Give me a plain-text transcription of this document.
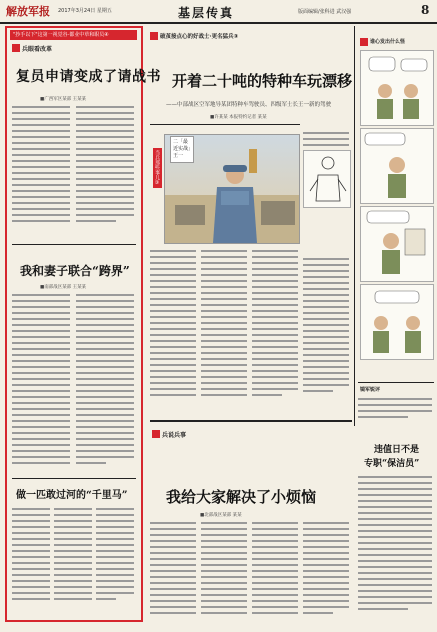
解放军报 2017年3月24日 星期五	基层传真	版面编辑/张科进 武汉强	8
"抄手以下"这第一视觉谷·都业中草和职员④
兵眼看改革
复员申请变成了请战书
■广西军区某部 王某某
我和妻子联合“跨界”
■南部战区某部 王某某
做一匹敢过河的“千里马”
破茧接点心的好战士·更名猛兵③
开着二十吨的特种车玩漂移
——中部战区空军地导某团特种车驾驶员、四级军士长王一新的驾驶
■许某某 本报特约记者 某某
当兵那些事儿③
二「最近实战」王一
谁心发出什么怪
镜军锐评
违值日不是
专职“保洁员”
兵说兵事
我给大家解决了小烦恼
■北部战区某部 某某
